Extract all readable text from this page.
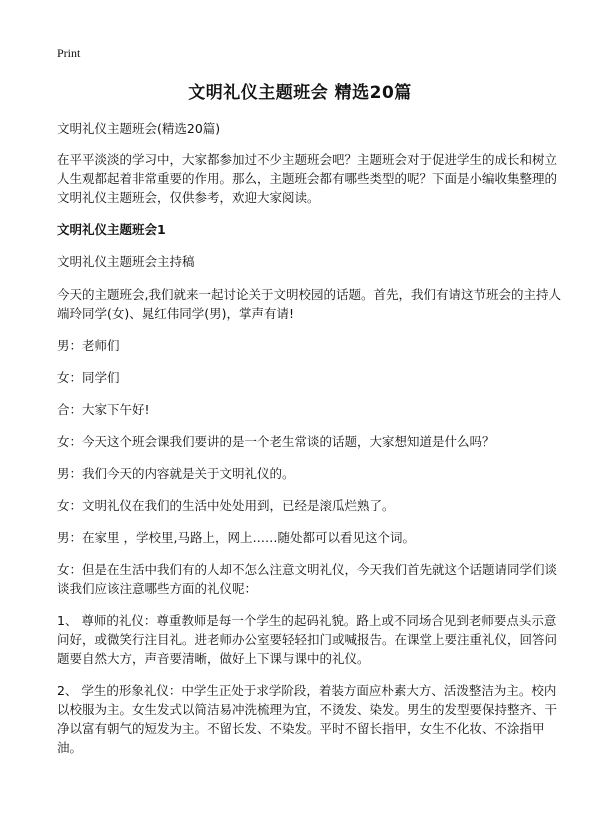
Print
文明礼仪主题班会 精选20篇

文明礼仪主题班会(精选20篇)

在平平淡淡的学习中，大家都参加过不少主题班会吧？主题班会对于促进学生的成长和树立人生观都起着非常重要的作用。那么，主题班会都有哪些类型的呢？下面是小编收集整理的文明礼仪主题班会，仅供参考，欢迎大家阅读。

文明礼仪主题班会1

文明礼仪主题班会主持稿

今天的主题班会,我们就来一起讨论关于文明校园的话题。首先，我们有请这节班会的主持人端玲同学(女)、晁红伟同学(男)，掌声有请!

男：老师们

女：同学们

合：大家下午好!

女：今天这个班会课我们要讲的是一个老生常谈的话题，大家想知道是什么吗？

男：我们今天的内容就是关于文明礼仪的。

女：文明礼仪在我们的生活中处处用到，已经是滚瓜烂熟了。

男：在家里 ，学校里,马路上，网上……随处都可以看见这个词。

女：但是在生活中我们有的人却不怎么注意文明礼仪，今天我们首先就这个话题请同学们谈谈我们应该注意哪些方面的礼仪呢：

1、 尊师的礼仪：尊重教师是每一个学生的起码礼貌。路上或不同场合见到老师要点头示意问好，或微笑行注目礼。进老师办公室要轻轻扣门或喊报告。在课堂上要注重礼仪，回答问题要自然大方，声音要清晰，做好上下课与课中的礼仪。

2、 学生的形象礼仪：中学生正处于求学阶段，着装方面应朴素大方、活泼整洁为主。校内以校服为主。女生发式以简洁易冲洗梳理为宜，不烫发、染发。男生的发型要保持整齐、干净以富有朝气的短发为主。不留长发、不染发。平时不留长指甲，女生不化妆、不涂指甲油。
